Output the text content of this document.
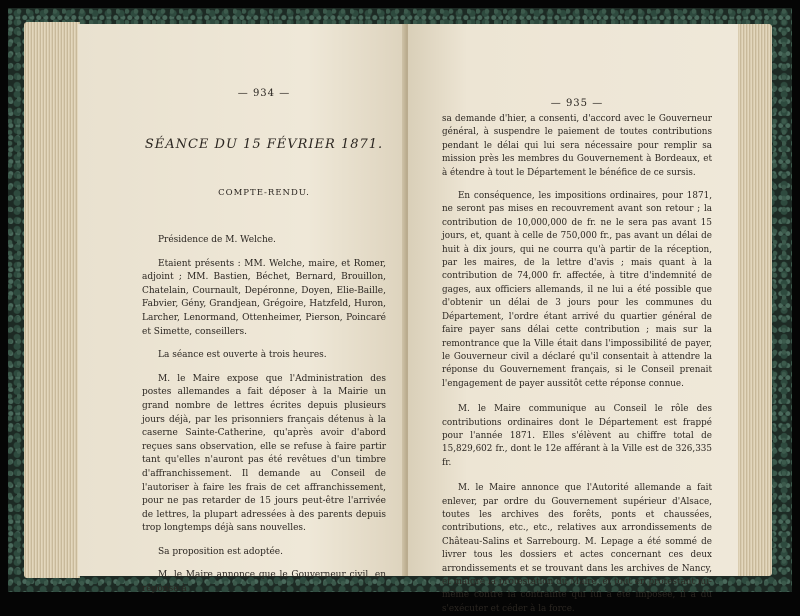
— 934 —
SÉANCE DU 15 FÉVRIER 1871.
COMPTE-RENDU.

Présidence de M. Welche.

Etaient présents : MM. Welche, maire, et Romer, adjoint ; MM. Bastien, Béchet, Bernard, Brouillon, Chatelain, Cournault, Depéronne, Doyen, Elie-Baille, Fabvier, Gény, Grandjean, Grégoire, Hatzfeld, Huron, Larcher, Lenormand, Ottenheimer, Pierson, Poincaré et Simette, conseillers.

La séance est ouverte à trois heures.

M. le Maire expose que l'Administration des postes allemandes a fait déposer à la Mairie un grand nombre de lettres écrites depuis plusieurs jours déjà, par les prisonniers français détenus à la caserne Sainte-Catherine, qu'après avoir d'abord reçues sans observation, elle se refuse à faire partir tant qu'elles n'auront pas été revêtues d'un timbre d'affranchissement. Il demande au Conseil de l'autoriser à faire les frais de cet affranchissement, pour ne pas retarder de 15 jours peut-être l'arrivée de lettres, la plupart adressées à des parents depuis trop longtemps déjà sans nouvelles.

Sa proposition est adoptée.

M. le Maire annonce que le Gouverneur civil, en réponse à

— 935 —

sa demande d'hier, a consenti, d'accord avec le Gouverneur général, à suspendre le paiement de toutes contributions pendant le délai qui lui sera nécessaire pour remplir sa mission près les membres du Gouvernement à Bordeaux, et à étendre à tout le Département le bénéfice de ce sursis.

En conséquence, les impositions ordinaires, pour 1871, ne seront pas mises en recouvrement avant son retour ; la contribution de 10,000,000 de fr. ne le sera pas avant 15 jours, et, quant à celle de 750,000 fr., pas avant un délai de huit à dix jours, qui ne courra qu'à partir de la réception, par les maires, de la lettre d'avis ; mais quant à la contribution de 74,000 fr. affectée, à titre d'indemnité de gages, aux officiers allemands, il ne lui a été possible que d'obtenir un délai de 3 jours pour les communes du Département, l'ordre étant arrivé du quartier général de faire payer sans délai cette contribution ; mais sur la remontrance que la Ville était dans l'impossibilité de payer, le Gouverneur civil a déclaré qu'il consentait à attendre la réponse du Gouvernement français, si le Conseil prenait l'engagement de payer aussitôt cette réponse connue.

M. le Maire communique au Conseil le rôle des contributions ordinaires dont le Département est frappé pour l'année 1871. Elles s'élèvent au chiffre total de 15,829,602 fr., dont le 12e afférant à la Ville est de 326,335 fr.

M. le Maire annonce que l'Autorité allemande a fait enlever, par ordre du Gouvernement supérieur d'Alsace, toutes les archives des forêts, ponts et chaussées, contributions, etc., etc., relatives aux arrondissements de Château-Salins et Sarrebourg. M. Lepage a été sommé de livrer tous les dossiers et actes concernant ces deux arrondissements et se trouvant dans les archives de Nancy, et malgré la protestation du Maire, et tout en protestant lui-même contre la contrainte qui lui a été imposée, il a dû s'exécuter et céder à la force.
